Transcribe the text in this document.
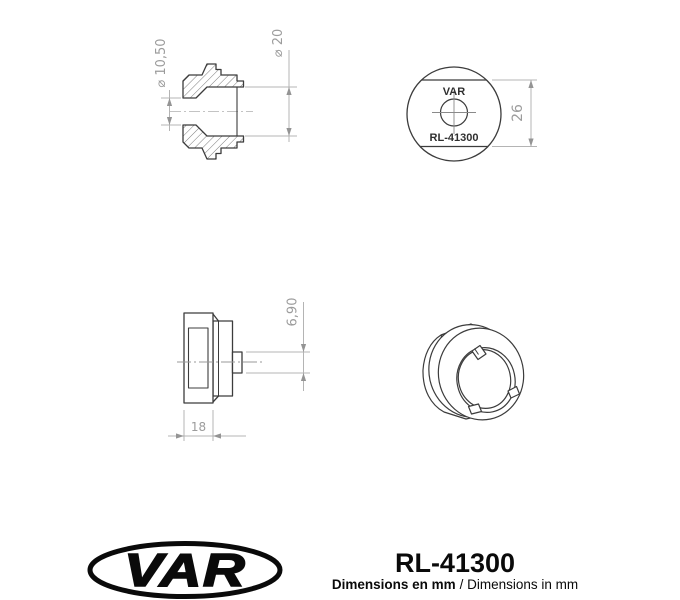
⌀ 10,50	⌀ 20
26
VAR
RL-41300
6,90
18
VAR	RL-41300
Dimensions en mm / Dimensions in mm
